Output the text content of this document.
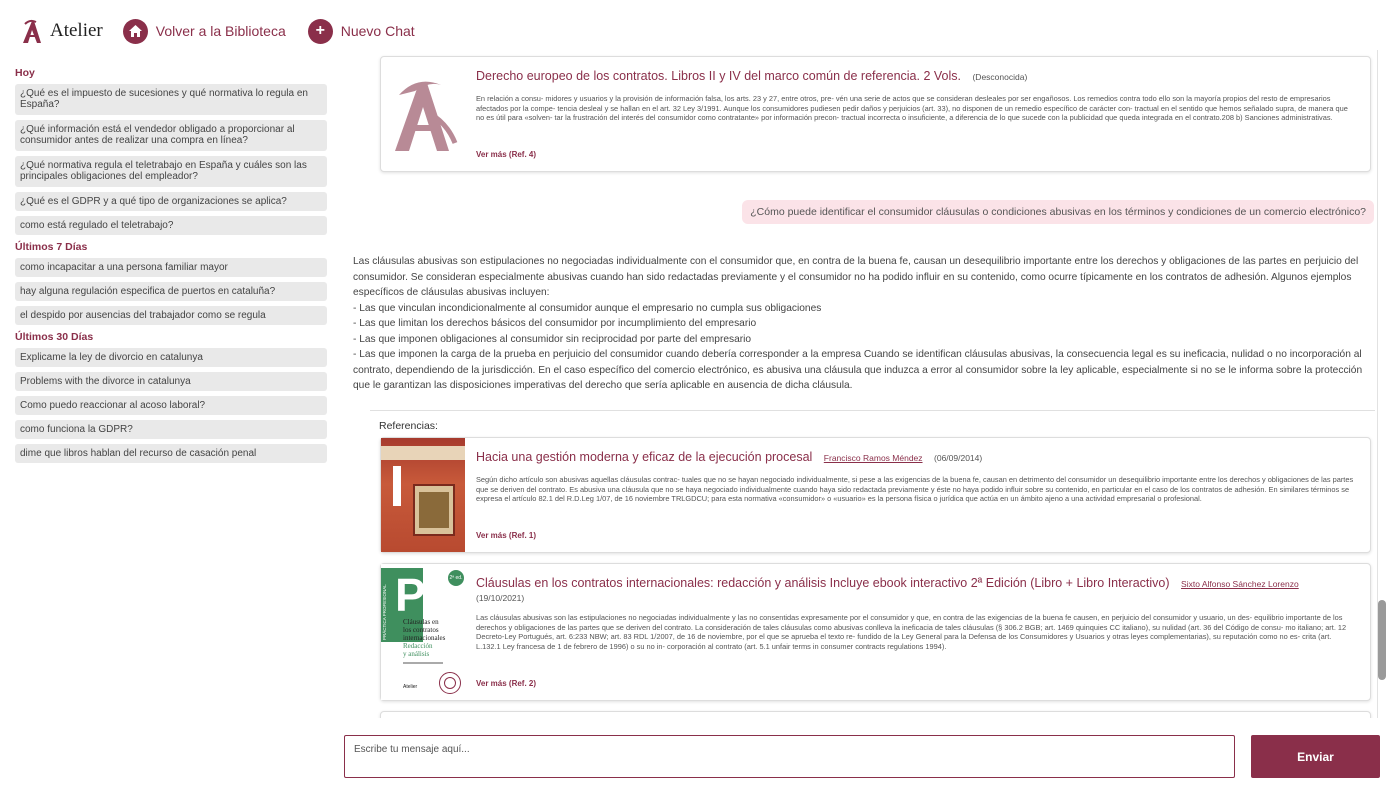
Atelier	Volver a la Biblioteca	+	Nuevo Chat
Hoy
¿Qué es el impuesto de sucesiones y qué normativa lo regula en España?
¿Qué información está el vendedor obligado a proporcionar al consumidor antes de realizar una compra en línea?
¿Qué normativa regula el teletrabajo en España y cuáles son las principales obligaciones del empleador?
¿Qué es el GDPR y a qué tipo de organizaciones se aplica?
como está regulado el teletrabajo?
Últimos 7 Días
como incapacitar a una persona familiar mayor
hay alguna regulación especifica de puertos en cataluña?
el despido por ausencias del trabajador como se regula
Últimos 30 Días
Explicame la ley de divorcio en catalunya
Problems with the divorce in catalunya
Como puedo reaccionar al acoso laboral?
como funciona la GDPR?
dime que libros hablan del recurso de casación penal
Derecho europeo de los contratos. Libros II y IV del marco común de referencia. 2 Vols. (Desconocida)
En relación a consu- midores y usuarios y la provisión de información falsa, los arts. 23 y 27, entre otros, pre- vén una serie de actos que se consideran desleales por ser engañosos. Los remedios contra todo ello son la mayoría propios del resto de empresarios afectados por la compe- tencia desleal y se hallan en el art. 32 Ley 3/1991. Aunque los consumidores pudiesen pedir daños y perjuicios (art. 33), no disponen de un remedio específico de carácter con- tractual en el sentido que hemos señalado supra, de manera que no es útil para «solven- tar la frustración del interés del consumidor como contratante» por información precon- tractual incorrecta o insuficiente, a diferencia de lo que sucede con la publicidad que queda integrada en el contrato.208 b) Sanciones administrativas.
Ver más (Ref. 4)
¿Cómo puede identificar el consumidor cláusulas o condiciones abusivas en los términos y condiciones de un comercio electrónico?

Las cláusulas abusivas son estipulaciones no negociadas individualmente con el consumidor que, en contra de la buena fe, causan un desequilibrio importante entre los derechos y obligaciones de las partes en perjuicio del consumidor. Se consideran especialmente abusivas cuando han sido redactadas previamente y el consumidor no ha podido influir en su contenido, como ocurre típicamente en los contratos de adhesión. Algunos ejemplos específicos de cláusulas abusivas incluyen:

- Las que vinculan incondicionalmente al consumidor aunque el empresario no cumpla sus obligaciones

- Las que limitan los derechos básicos del consumidor por incumplimiento del empresario

- Las que imponen obligaciones al consumidor sin reciprocidad por parte del empresario

- Las que imponen la carga de la prueba en perjuicio del consumidor cuando debería corresponder a la empresa Cuando se identifican cláusulas abusivas, la consecuencia legal es su ineficacia, nulidad o no incorporación al contrato, dependiendo de la jurisdicción. En el caso específico del comercio electrónico, es abusiva una cláusula que induzca a error al consumidor sobre la ley aplicable, especialmente si no se le informa sobre la protección que le garantizan las disposiciones imperativas del derecho que sería aplicable en ausencia de dicha cláusula.

Referencias:
Hacia una gestión moderna y eficaz de la ejecución procesal Francisco Ramos Méndez (06/09/2014)
Según dicho artículo son abusivas aquellas cláusulas contrac- tuales que no se hayan negociado individualmente, si pese a las exigencias de la buena fe, causan en detrimento del consumidor un desequilibrio importante entre los derechos y obligaciones de las partes que se deriven del contrato. Es abusiva una cláusula que no se haya negociado individualmente cuando haya sido redactada previamente y éste no haya podido influir sobre su contenido, en particular en el caso de los contratos de adhesión. En similares términos se expresa el artículo 82.1 del R.D.Leg 1/07, de 16 noviembre TRLGDCU; para esta normativa «consumidor» o «usuario» es la persona física o jurídica que actúa en un ámbito ajeno a una actividad empresarial o profesional.
Ver más (Ref. 1)
P	2ª ed.
Cláusulas en
los contratos
internacionales
Redacción
y análisis
Atelier
Cláusulas en los contratos internacionales: redacción y análisis Incluye ebook interactivo 2ª Edición (Libro + Libro Interactivo) Sixto Alfonso Sánchez Lorenzo
(19/10/2021)
Las cláusulas abusivas son las estipulaciones no negociadas individualmente y las no consentidas expresamente por el consumidor y que, en contra de las exigencias de la buena fe causen, en perjuicio del consumidor y usuario, un des- equilibrio importante de los derechos y obligaciones de las partes que se deriven del contrato. La consideración de tales cláusulas como abusivas conlleva la ineficacia de tales cláusulas (§ 306.2 BGB; art. 1469 quinquies CC italiano), su nulidad (art. 36 del Código de consu- mo italiano; art. 12 Decreto-Ley Portugués, art. 6:233 NBW; art. 83 RDL 1/2007, de 16 de noviembre, por el que se aprueba el texto re- fundido de la Ley General para la Defensa de los Consumidores y Usuarios y otras leyes complementarias), su reputación como no es- crita (art. L.132.1 Ley francesa de 1 de febrero de 1996) o su no in- corporación al contrato (art. 5.1 unfair terms in consumer contracts regulations 1994).
Ver más (Ref. 2)
Escribe tu mensaje aquí...
Enviar
